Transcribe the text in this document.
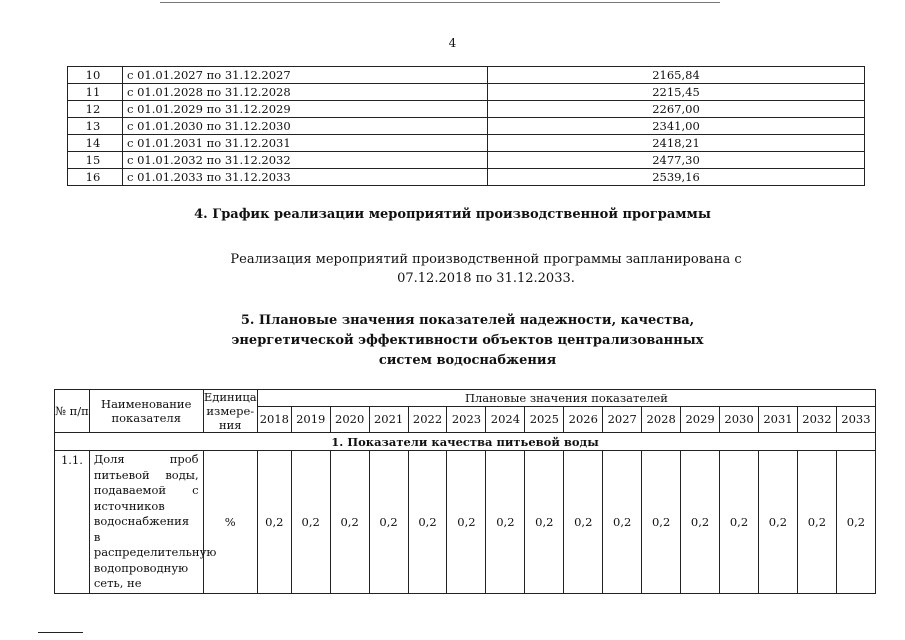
4
10	с 01.01.2027 по 31.12.2027	2165,84
11	с 01.01.2028 по 31.12.2028	2215,45
12	с 01.01.2029 по 31.12.2029	2267,00
13	с 01.01.2030 по 31.12.2030	2341,00
14	с 01.01.2031 по 31.12.2031	2418,21
15	с 01.01.2032 по 31.12.2032	2477,30
16	с 01.01.2033 по 31.12.2033	2539,16
4. График реализации мероприятий производственной программы
Реализация мероприятий производственной программы запланирована с
07.12.2018 по 31.12.2033.
5. Плановые значения показателей надежности, качества,
энергетической эффективности объектов централизованных
систем водоснабжения
№ п/п	Наименование показателя	Единица измере-ния	Плановые значения показателей															
			2018	2019	2020	2021	2022	2023	2024	2025	2026	2027	2028	2029	2030	2031	2032	2033
1. Показатели качества питьевой воды																		
1.1.	Доля проб питьевой воды, подаваемой с источников водоснабжения в распределительную водопроводную сеть, не	%	0,2	0,2	0,2	0,2	0,2	0,2	0,2	0,2	0,2	0,2	0,2	0,2	0,2	0,2	0,2	0,2
